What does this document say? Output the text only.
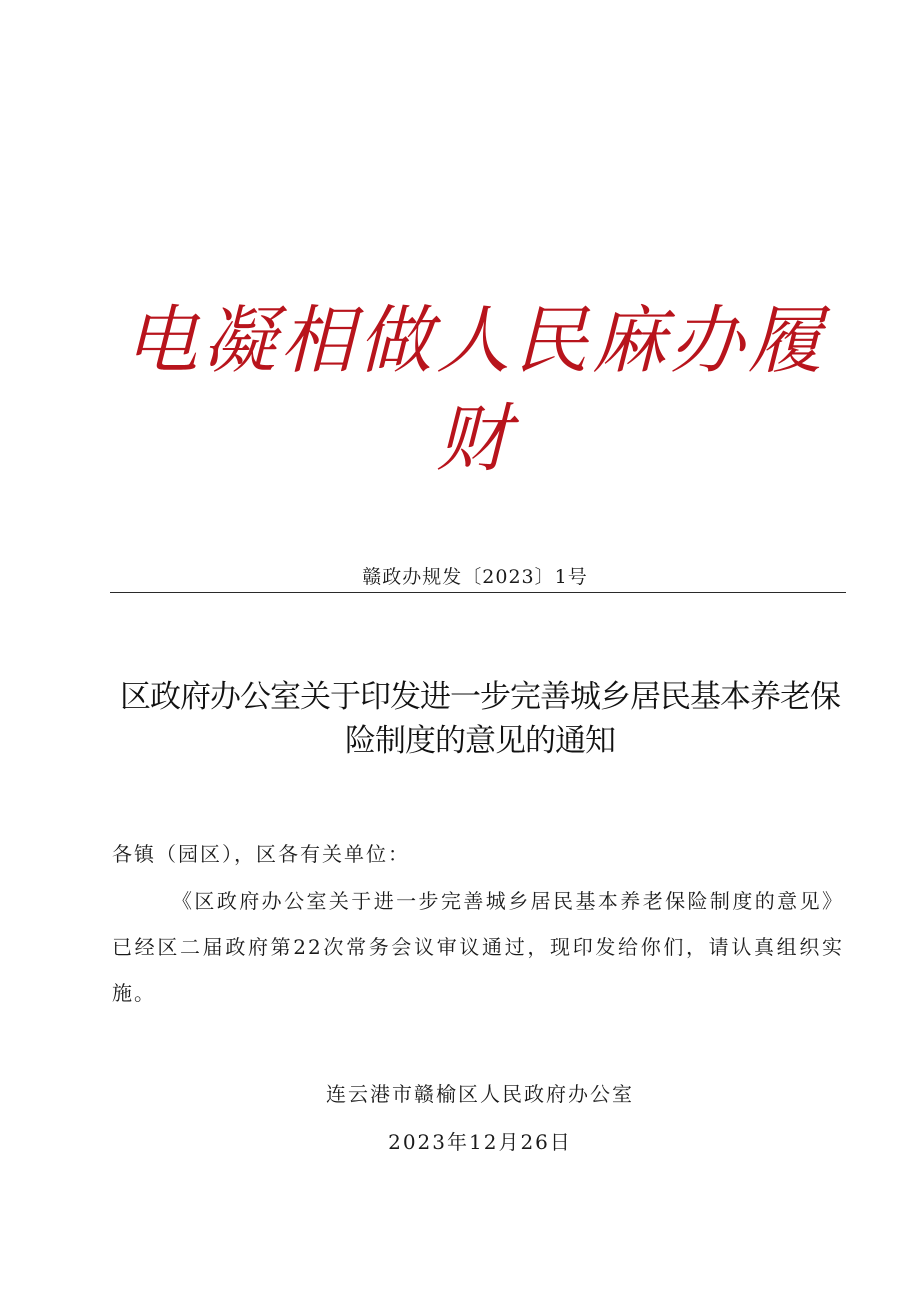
电凝相做人民麻办履财
赣政办规发〔2023〕1号
区政府办公室关于印发进一步完善城乡居民基本养老保险制度的意见的通知
各镇（园区），区各有关单位：
《区政府办公室关于进一步完善城乡居民基本养老保险制度的意见》已经区二届政府第22次常务会议审议通过，现印发给你们，请认真组织实施。
连云港市赣榆区人民政府办公室
2023年12月26日
